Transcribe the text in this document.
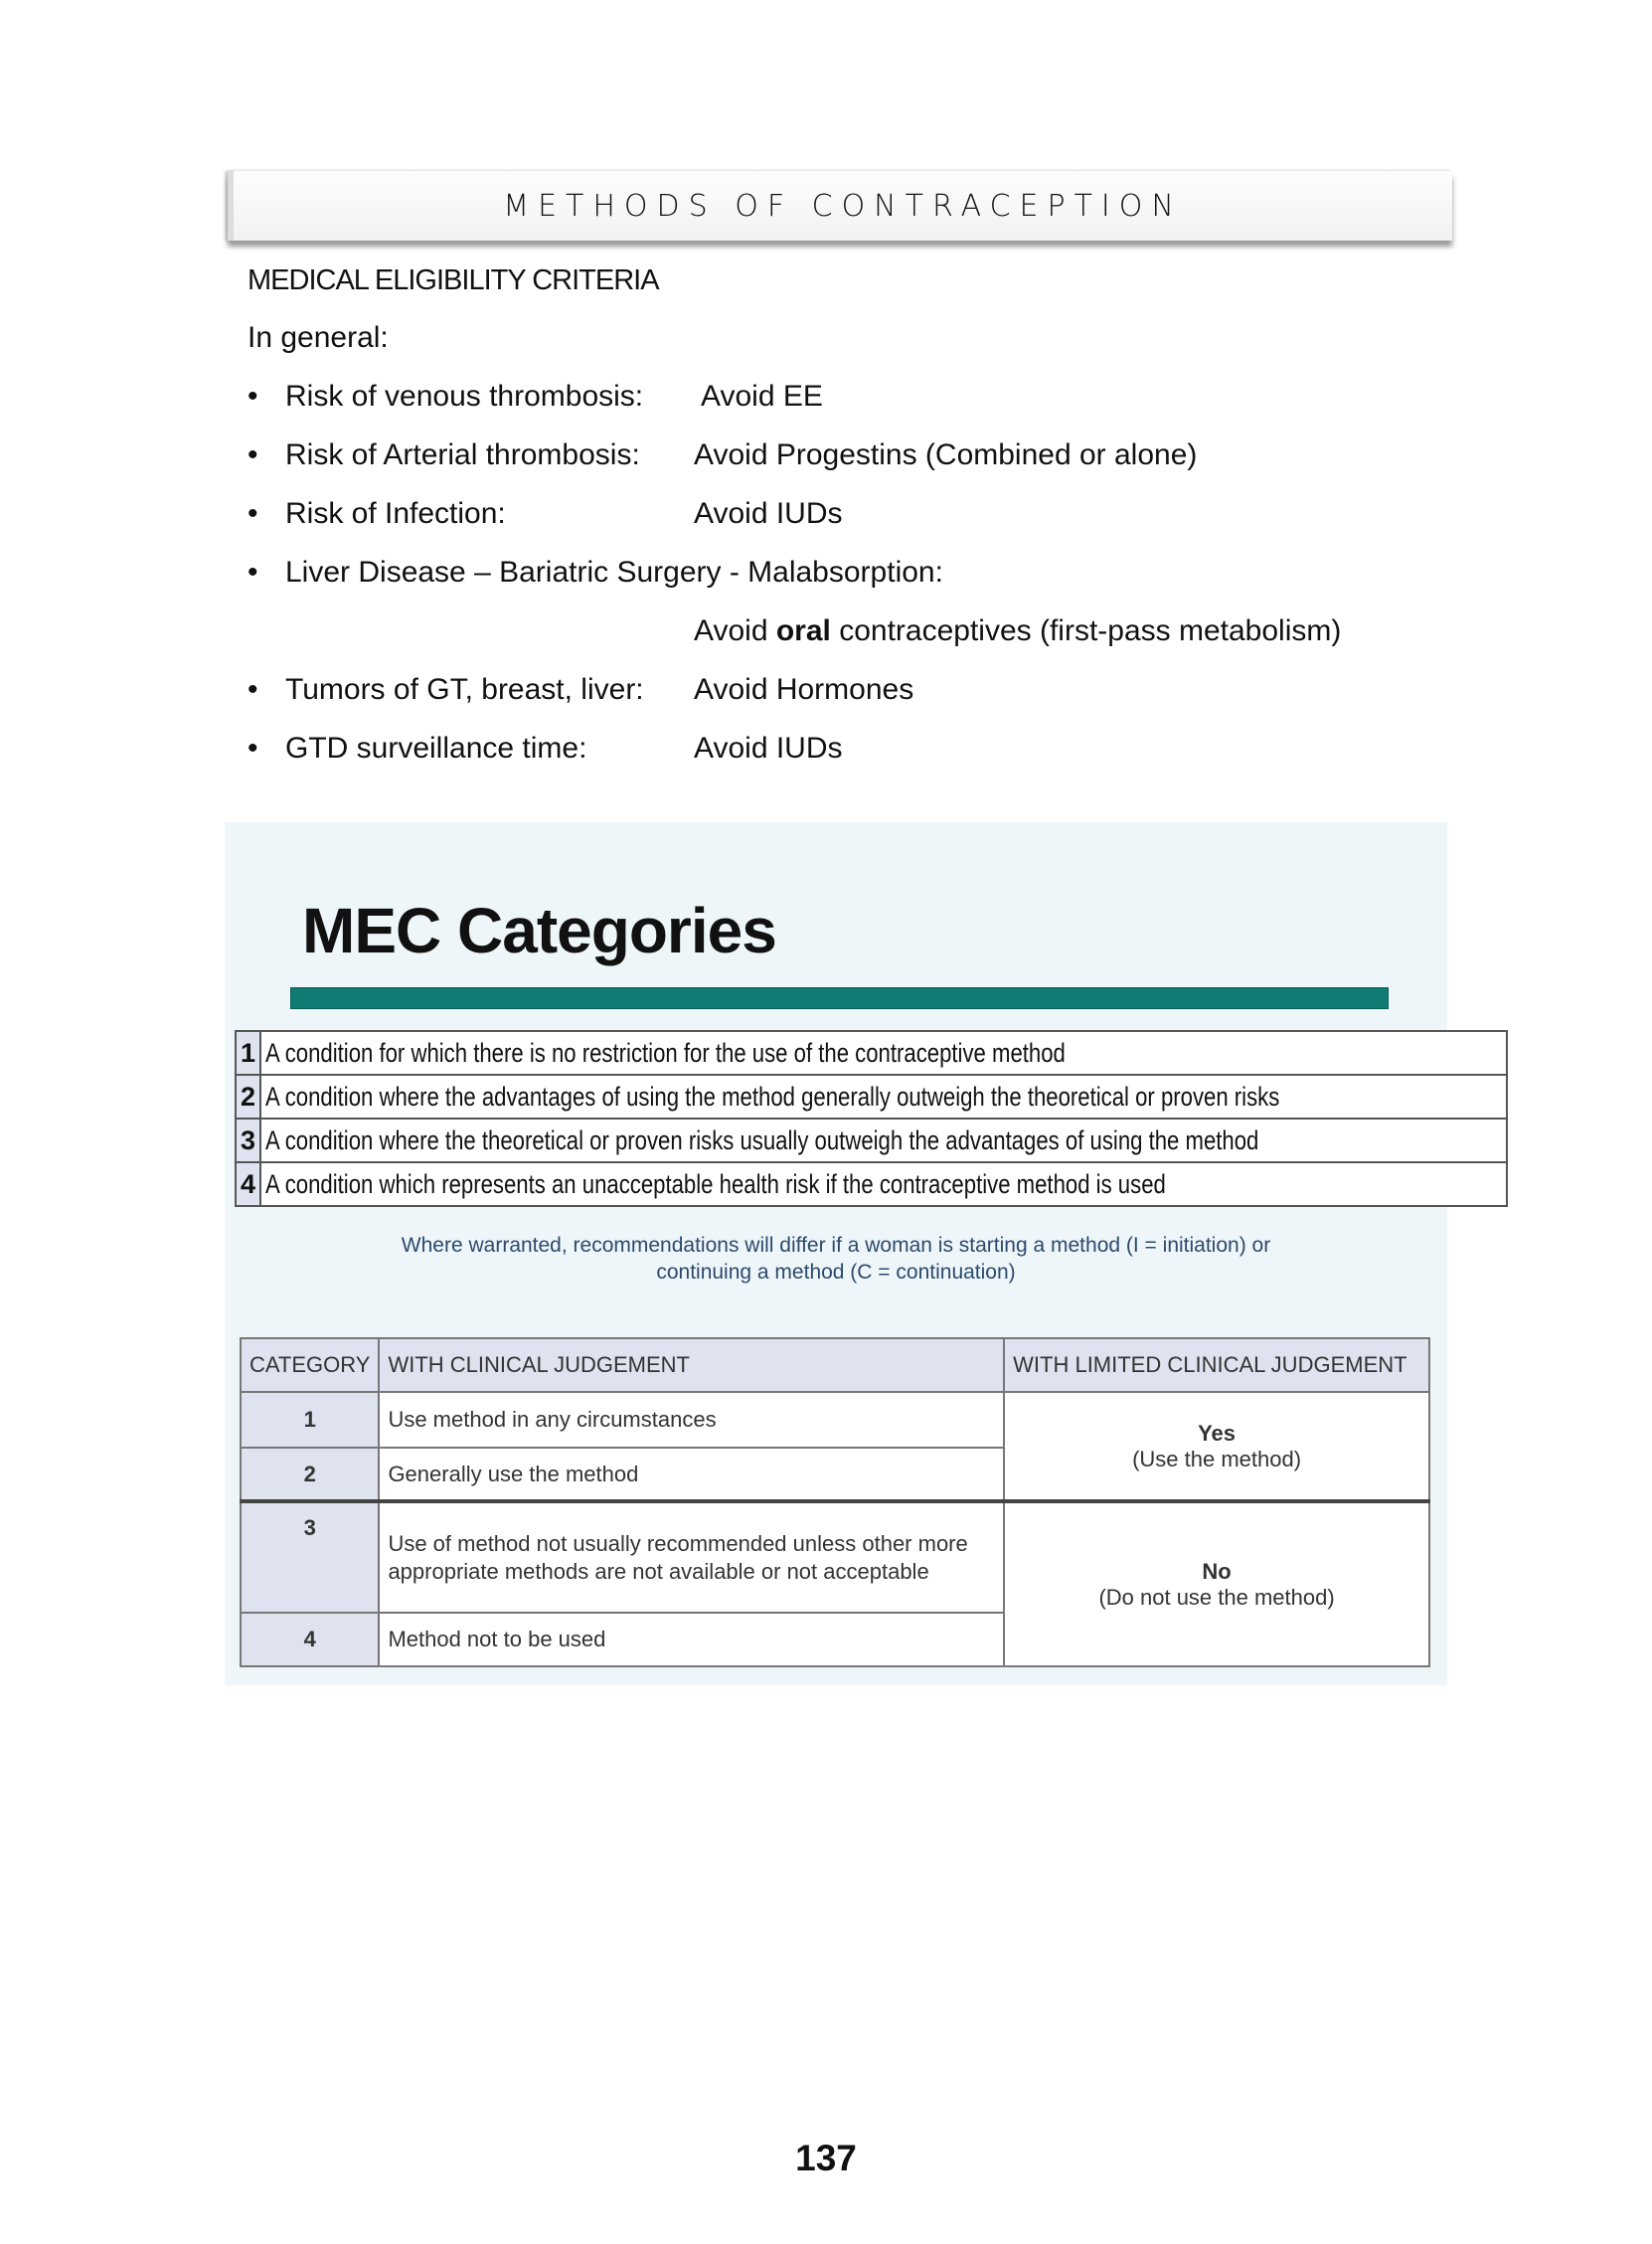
METHODS OF CONTRACEPTION
MEDICAL ELIGIBILITY CRITERIA
In general:
• Risk of venous thrombosis: Avoid EE
• Risk of Arterial thrombosis: Avoid Progestins (Combined or alone)
• Risk of Infection:	Avoid IUDs
• Liver Disease – Bariatric Surgery - Malabsorption:
Avoid oral contraceptives (first-pass metabolism)
• Tumors of GT, breast, liver: Avoid Hormones
• GTD surveillance time:	Avoid IUDs
MEC Categories
1	A condition for which there is no restriction for the use of the contraceptive method
2	A condition where the advantages of using the method generally outweigh the theoretical or proven risks
3	A condition where the theoretical or proven risks usually outweigh the advantages of using the method
4	A condition which represents an unacceptable health risk if the contraceptive method is used
Where warranted, recommendations will differ if a woman is starting a method (I = initiation) or
continuing a method (C = continuation)
CATEGORY	WITH CLINICAL JUDGEMENT	WITH LIMITED CLINICAL JUDGEMENT
1	Use method in any circumstances	Yes
(Use the method)
2	Generally use the method	
3	Use of method not usually recommended unless other more appropriate methods are not available or not acceptable	No
(Do not use the method)
4	Method not to be used	
137
